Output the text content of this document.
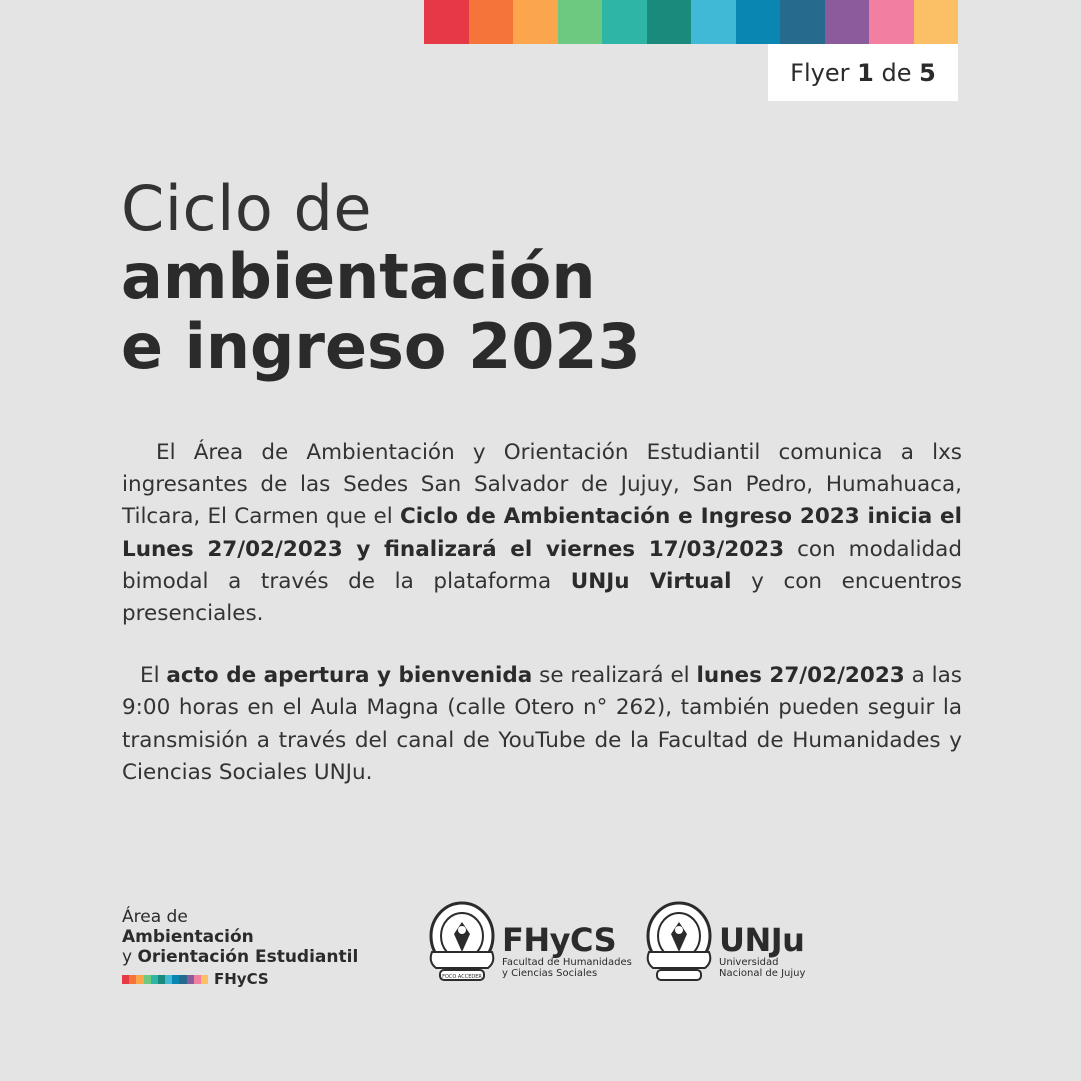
Flyer
1
de
5
Ciclo de
ambientación
e ingreso 2023

El Área de Ambientación y Orientación Estudiantil comunica a lxs ingresantes de las Sedes San Salvador de Jujuy, San Pedro, Humahuaca, Tilcara, El Carmen que el Ciclo de Ambientación e Ingreso 2023 inicia el Lunes 27/02/2023 y finalizará el viernes 17/03/2023 con modalidad bimodal a través de la plataforma UNJu Virtual y con encuentros presenciales.

El acto de apertura y bienvenida se realizará el lunes 27/02/2023 a las 9:00 horas en el Aula Magna (calle Otero n° 262), también pueden seguir la transmisión a través del canal de YouTube de la Facultad de Humanidades y Ciencias Sociales UNJu.

Área de
Ambientación
y Orientación Estudiantil
FHyCS	FOCO ACCEDER
FHyCS
Facultad de Humanidades
y Ciencias Sociales
UNJu
Universidad
Nacional de Jujuy
